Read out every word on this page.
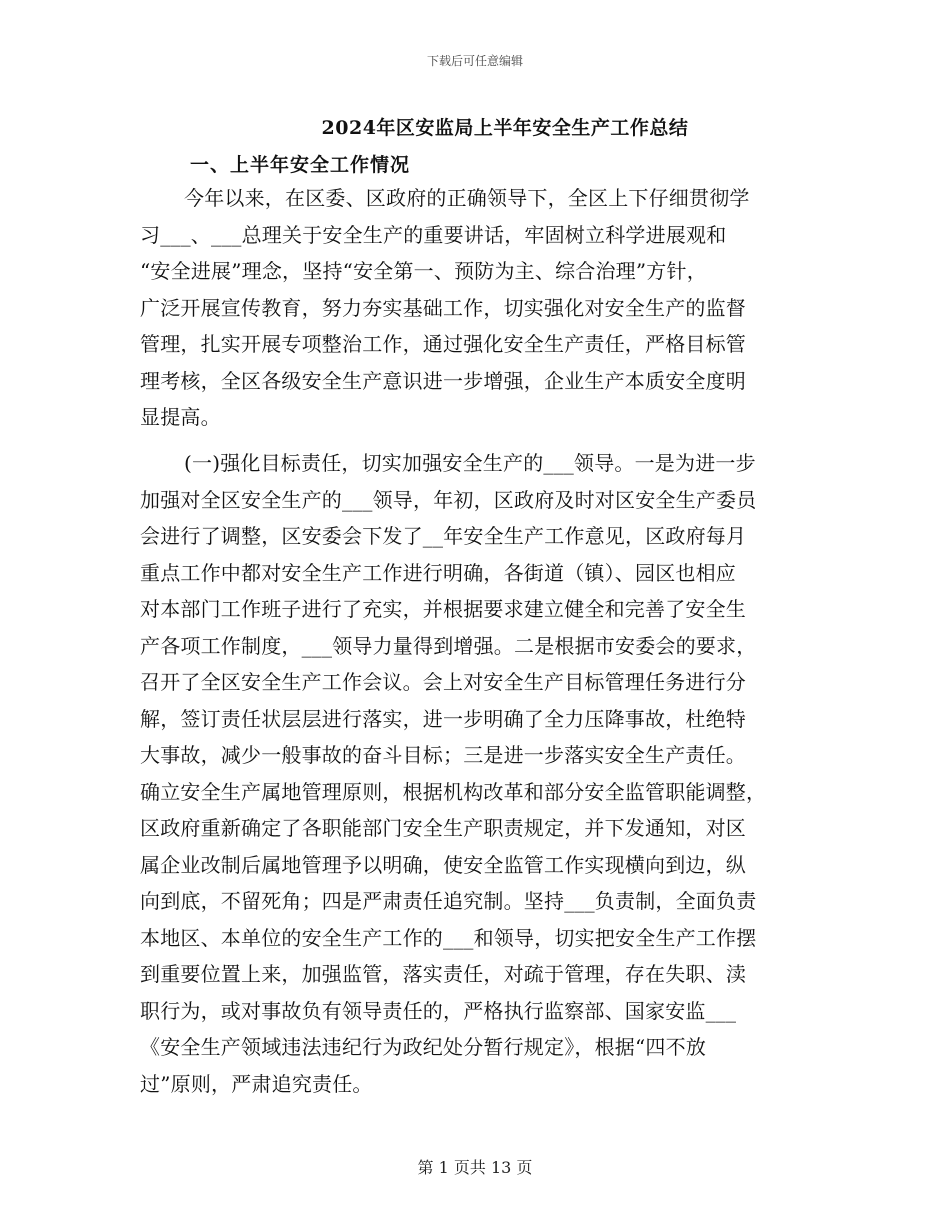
下载后可任意编辑
2024年区安监局上半年安全生产工作总结
一、上半年安全工作情况
今年以来，在区委、区政府的正确领导下，全区上下仔细贯彻学
习___、___总理关于安全生产的重要讲话，牢固树立科学进展观和
“安全进展”理念，坚持“安全第一、预防为主、综合治理”方针，
广泛开展宣传教育，努力夯实基础工作，切实强化对安全生产的监督
管理，扎实开展专项整治工作，通过强化安全生产责任，严格目标管
理考核，全区各级安全生产意识进一步增强，企业生产本质安全度明
显提高。
(一)强化目标责任，切实加强安全生产的___领导。一是为进一步
加强对全区安全生产的___领导，年初，区政府及时对区安全生产委员
会进行了调整，区安委会下发了__年安全生产工作意见，区政府每月
重点工作中都对安全生产工作进行明确，各街道（镇）、园区也相应
对本部门工作班子进行了充实，并根据要求建立健全和完善了安全生
产各项工作制度，___领导力量得到增强。二是根据市安委会的要求，
召开了全区安全生产工作会议。会上对安全生产目标管理任务进行分
解，签订责任状层层进行落实，进一步明确了全力压降事故，杜绝特
大事故，减少一般事故的奋斗目标；三是进一步落实安全生产责任。
确立安全生产属地管理原则，根据机构改革和部分安全监管职能调整，
区政府重新确定了各职能部门安全生产职责规定，并下发通知，对区
属企业改制后属地管理予以明确，使安全监管工作实现横向到边，纵
向到底，不留死角；四是严肃责任追究制。坚持___负责制，全面负责
本地区、本单位的安全生产工作的___和领导，切实把安全生产工作摆
到重要位置上来，加强监管，落实责任，对疏于管理，存在失职、渎
职行为，或对事故负有领导责任的，严格执行监察部、国家安监___
《安全生产领域违法违纪行为政纪处分暂行规定》，根据“四不放
过”原则，严肃追究责任。
第 1 页共 13 页
